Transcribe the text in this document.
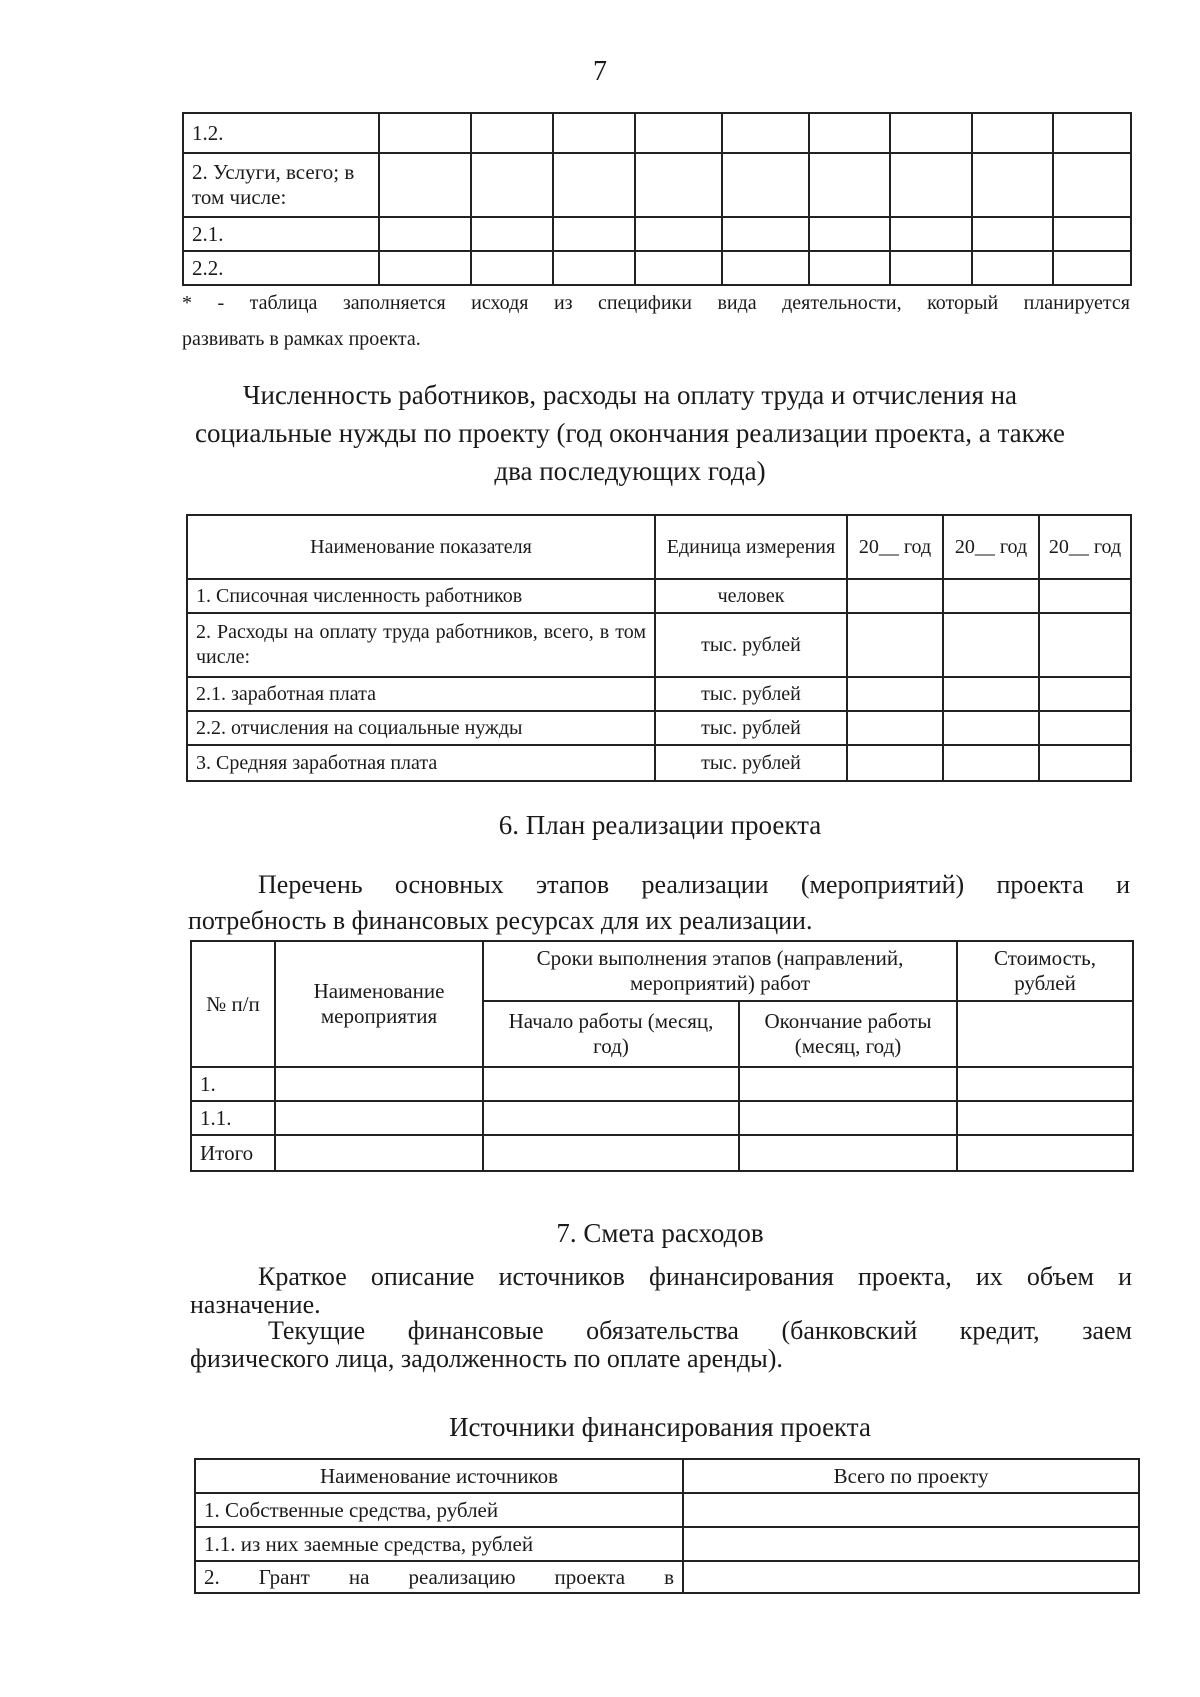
7
1.2.									
2. Услуги, всего; в том числе:									
2.1.									
2.2.									
* - таблица заполняется исходя из специфики вида деятельности, который планируется
развивать в рамках проекта.
Численность работников, расходы на оплату труда и отчисления на
социальные нужды по проекту (год окончания реализации проекта, а также
два последующих года)
Наименование показателя	Единица измерения	20__ год	20__ год	20__ год
1. Списочная численность работников	человек			
2. Расходы на оплату труда работников, всего, в том числе:	тыс. рублей			
2.1. заработная плата	тыс. рублей			
2.2. отчисления на социальные нужды	тыс. рублей			
3. Средняя заработная плата	тыс. рублей			
6. План реализации проекта
Перечень основных этапов реализации (мероприятий) проекта и
потребность в финансовых ресурсах для их реализации.
№ п/п	Наименование мероприятия	Сроки выполнения этапов (направлений, мероприятий) работ		Стоимость, рублей
		Начало работы (месяц, год)	Окончание работы (месяц, год)	
1.				
1.1.				
Итого				
7. Смета расходов
Краткое описание источников финансирования проекта, их объем и
назначение.
Текущие финансовые обязательства (банковский кредит, заем
физического лица, задолженность по оплате аренды).
Источники финансирования проекта
Наименование источников	Всего по проекту
1. Собственные средства, рублей	
1.1. из них заемные средства, рублей	
2. Грант на реализацию проекта в	
